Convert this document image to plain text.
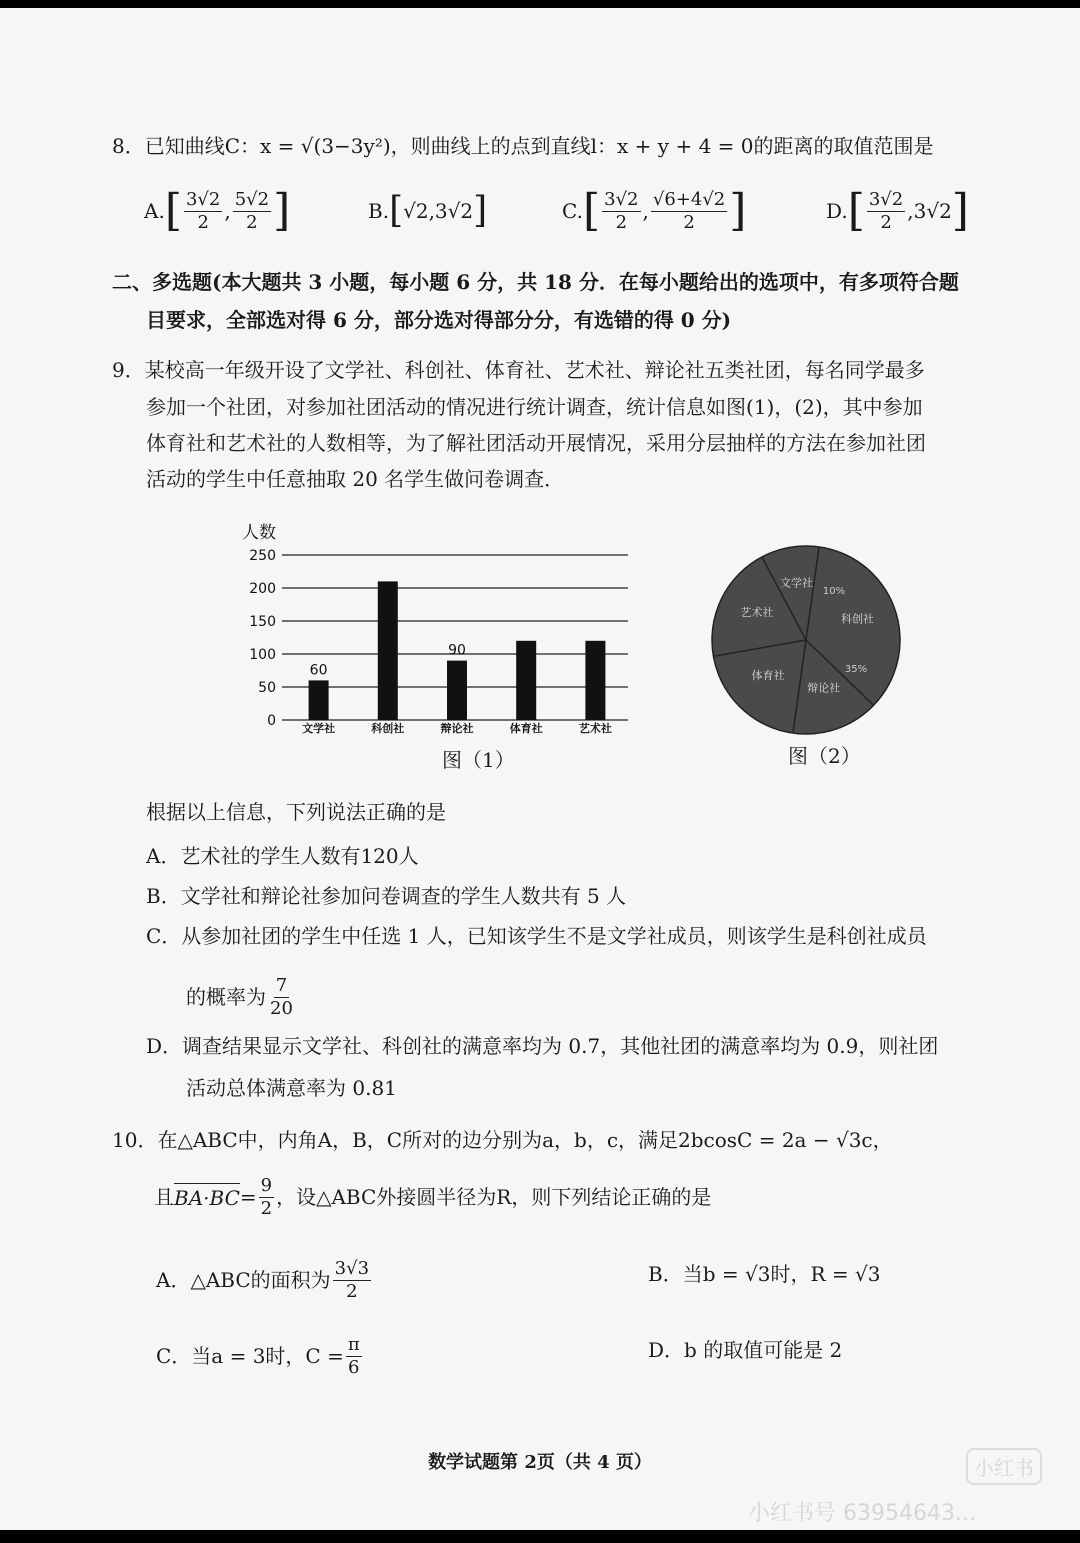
8．已知曲线C：x = √(3−3y²)，则曲线上的点到直线l：x + y + 4 = 0的距离的取值范围是
A. [ $\frac{3√2}{2}$ , $\frac{5√2}{2}$ ]	B. [ √2,3√2 ]	C. [ $\frac{3√2}{2}$ , $\frac{√6+4√2}{2}$ ]	D. [ $\frac{3√2}{2}$ , 3√2 ]
二、多选题(本大题共 3 小题，每小题 6 分，共 18 分．在每小题给出的选项中，有多项符合题
目要求，全部选对得 6 分，部分选对得部分分，有选错的得 0 分)
9．某校高一年级开设了文学社、科创社、体育社、艺术社、辩论社五类社团，每名同学最多
参加一个社团，对参加社团活动的情况进行统计调查，统计信息如图(1)，(2)，其中参加
体育社和艺术社的人数相等，为了解社团活动开展情况，采用分层抽样的方法在参加社团
活动的学生中任意抽取 20 名学生做问卷调查．
人数
0
50
100
150
200
250
文学社
60
科创社	辩论社
90
体育社	艺术社
图（1）
文学社
科创社
辩论社
体育社
艺术社
10%
35%
图（2）
根据以上信息，下列说法正确的是
A．艺术社的学生人数有120人
B．文学社和辩论社参加问卷调查的学生人数共有 5 人
C．从参加社团的学生中任选 1 人，已知该学生不是文学社成员，则该学生是科创社成员
的概率为 $\frac{7}{20}$
D．调查结果显示文学社、科创社的满意率均为 0.7，其他社团的满意率均为 0.9，则社团
活动总体满意率为 0.81
10．在△ABC中，内角A，B，C所对的边分别为a，b，c，满足2bcosC = 2a − √3c，
且 $BA\cdot BC = \frac{9}{2}$ ，设△ABC外接圆半径为R，则下列结论正确的是
A．△ABC的面积为 $\frac{3√3}{2}$	B．当b = √3时，R = √3
C．当a = 3时，$C = \frac{\pi}{6}$	D．b 的取值可能是 2
数学试题第 2页（共 4 页）	小红书
小红书号 63954643...
